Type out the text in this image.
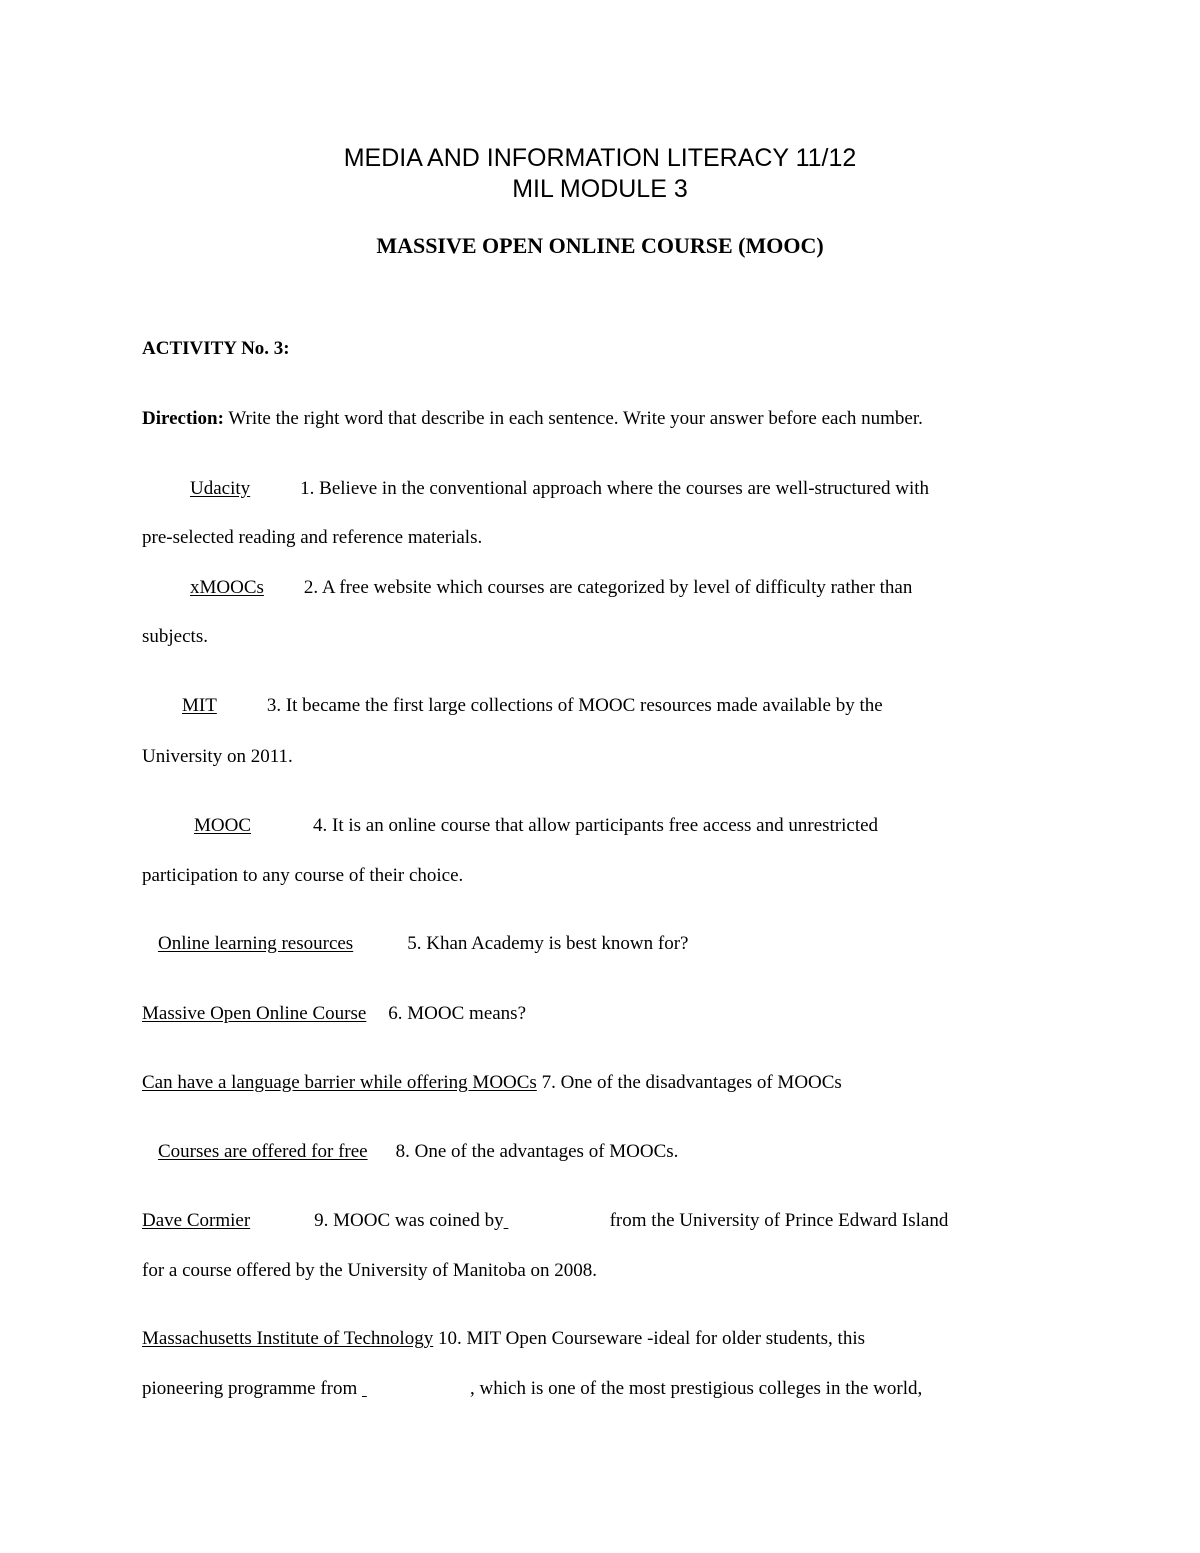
MEDIA AND INFORMATION LITERACY 11/12
MIL MODULE 3
MASSIVE OPEN ONLINE COURSE (MOOC)
ACTIVITY No. 3:
Direction: Write the right word that describe in each sentence. Write your answer before each number.
Udacity	1. Believe in the conventional approach where the courses are well-structured with
pre-selected reading and reference materials.
xMOOCs 2. A free website which courses are categorized by level of difficulty rather than
subjects.
MIT	3. It became the first large collections of MOOC resources made available by the
University on 2011.
MOOC	4. It is an online course that allow participants free access and unrestricted
participation to any course of their choice.
Online learning resources	5. Khan Academy is best known for?
Massive Open Online Course 6. MOOC means?
Can have a language barrier while offering MOOCs 7. One of the disadvantages of MOOCs
Courses are offered for free 8. One of the advantages of MOOCs.
Dave Cormier	9. MOOC was coined by	from the University of Prince Edward Island
for a course offered by the University of Manitoba on 2008.
Massachusetts Institute of Technology 10. MIT Open Courseware -ideal for older students, this
pioneering programme from	, which is one of the most prestigious colleges in the world,
